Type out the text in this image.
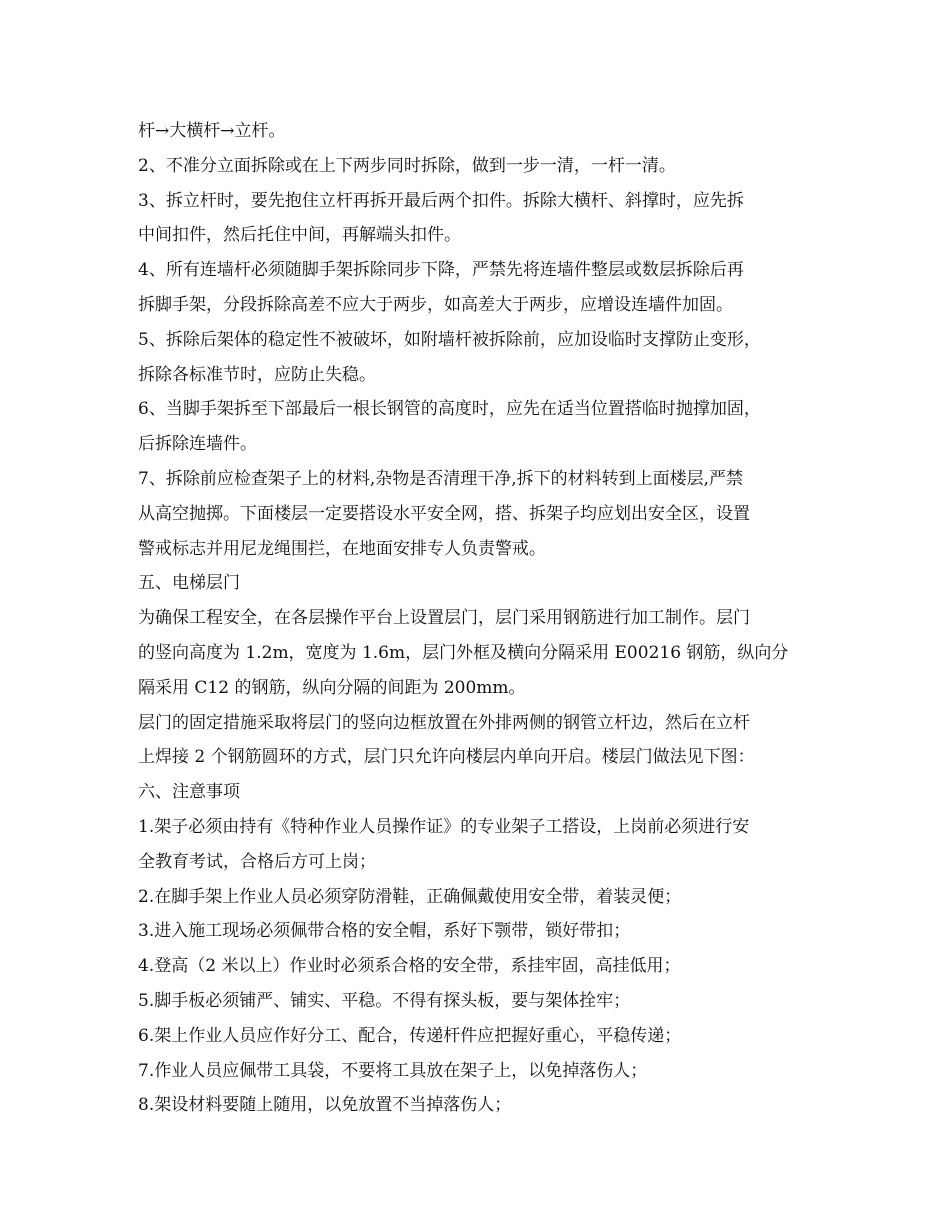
杆→大横杆→立杆。
2、不准分立面拆除或在上下两步同时拆除，做到一步一清，一杆一清。
3、拆立杆时，要先抱住立杆再拆开最后两个扣件。拆除大横杆、斜撑时，应先拆
中间扣件，然后托住中间，再解端头扣件。
4、所有连墙杆必须随脚手架拆除同步下降，严禁先将连墙件整层或数层拆除后再
拆脚手架，分段拆除高差不应大于两步，如高差大于两步，应增设连墙件加固。
5、拆除后架体的稳定性不被破坏，如附墙杆被拆除前，应加设临时支撑防止变形，
拆除各标准节时，应防止失稳。
6、当脚手架拆至下部最后一根长钢管的高度时，应先在适当位置搭临时抛撑加固，
后拆除连墙件。
7、拆除前应检查架子上的材料,杂物是否清理干净,拆下的材料转到上面楼层,严禁
从高空抛掷。下面楼层一定要搭设水平安全网，搭、拆架子均应划出安全区，设置
警戒标志并用尼龙绳围拦，在地面安排专人负责警戒。
五、电梯层门
为确保工程安全，在各层操作平台上设置层门，层门采用钢筋进行加工制作。层门
的竖向高度为 1.2m，宽度为 1.6m，层门外框及横向分隔采用 E00216 钢筋，纵向分
隔采用 C12 的钢筋，纵向分隔的间距为 200mm。
层门的固定措施采取将层门的竖向边框放置在外排两侧的钢管立杆边，然后在立杆
上焊接 2 个钢筋圆环的方式，层门只允许向楼层内单向开启。楼层门做法见下图：
六、注意事项
1.架子必须由持有《特种作业人员操作证》的专业架子工搭设，上岗前必须进行安
全教育考试，合格后方可上岗；
2.在脚手架上作业人员必须穿防滑鞋，正确佩戴使用安全带，着装灵便；
3.进入施工现场必须佩带合格的安全帽，系好下颚带，锁好带扣；
4.登高（2 米以上）作业时必须系合格的安全带，系挂牢固，高挂低用；
5.脚手板必须铺严、铺实、平稳。不得有探头板，要与架体拴牢；
6.架上作业人员应作好分工、配合，传递杆件应把握好重心，平稳传递；
7.作业人员应佩带工具袋，不要将工具放在架子上，以免掉落伤人；
8.架设材料要随上随用，以免放置不当掉落伤人；
